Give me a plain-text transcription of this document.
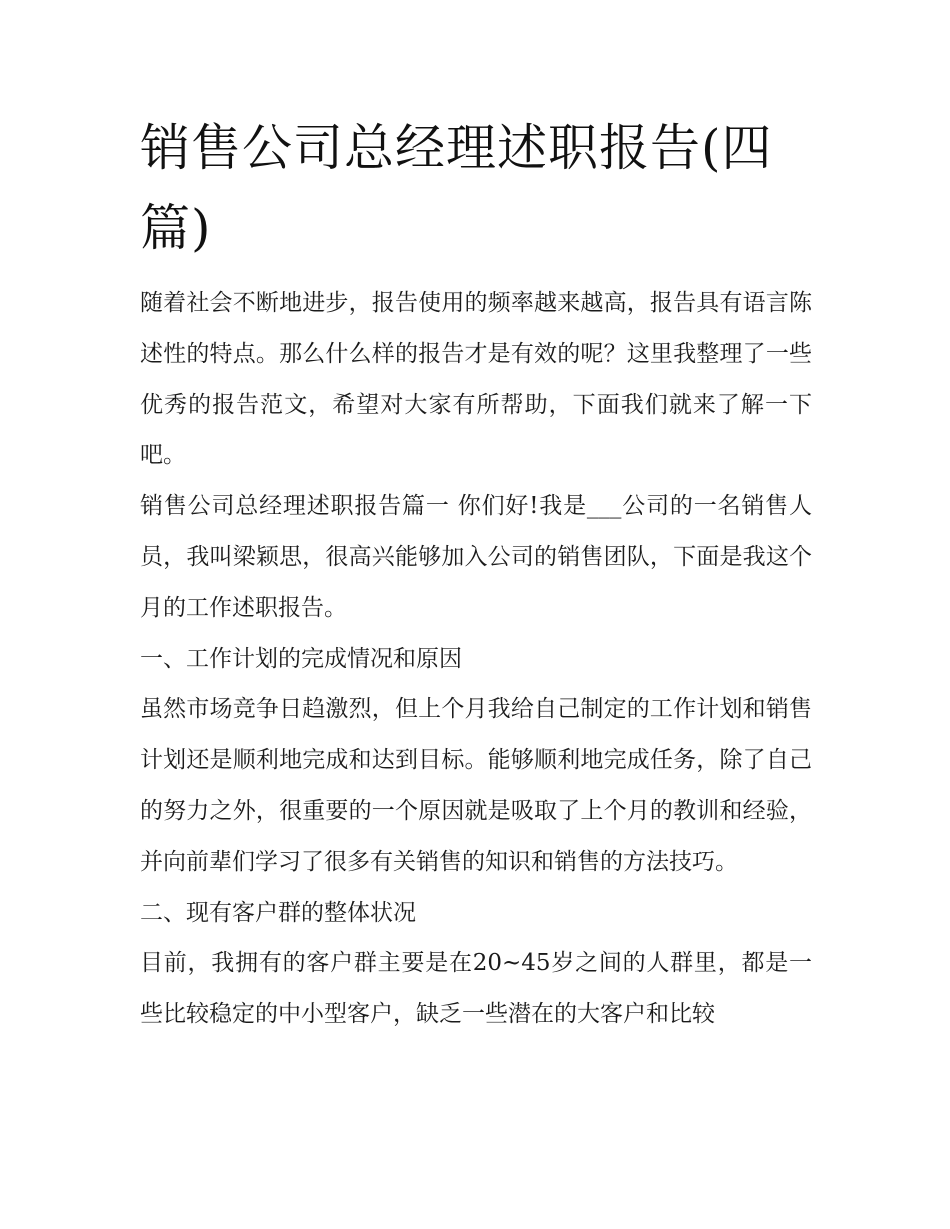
销售公司总经理述职报告(四篇)

随着社会不断地进步，报告使用的频率越来越高，报告具有语言陈述性的特点。那么什么样的报告才是有效的呢？这里我整理了一些优秀的报告范文，希望对大家有所帮助，下面我们就来了解一下吧。

销售公司总经理述职报告篇一 你们好!我是___公司的一名销售人员，我叫梁颖思，很高兴能够加入公司的销售团队，下面是我这个月的工作述职报告。

一、工作计划的完成情况和原因

虽然市场竞争日趋激烈，但上个月我给自己制定的工作计划和销售计划还是顺利地完成和达到目标。能够顺利地完成任务，除了自己的努力之外，很重要的一个原因就是吸取了上个月的教训和经验，并向前辈们学习了很多有关销售的知识和销售的方法技巧。

二、现有客户群的整体状况

目前，我拥有的客户群主要是在20~45岁之间的人群里，都是一些比较稳定的中小型客户，缺乏一些潜在的大客户和比较
